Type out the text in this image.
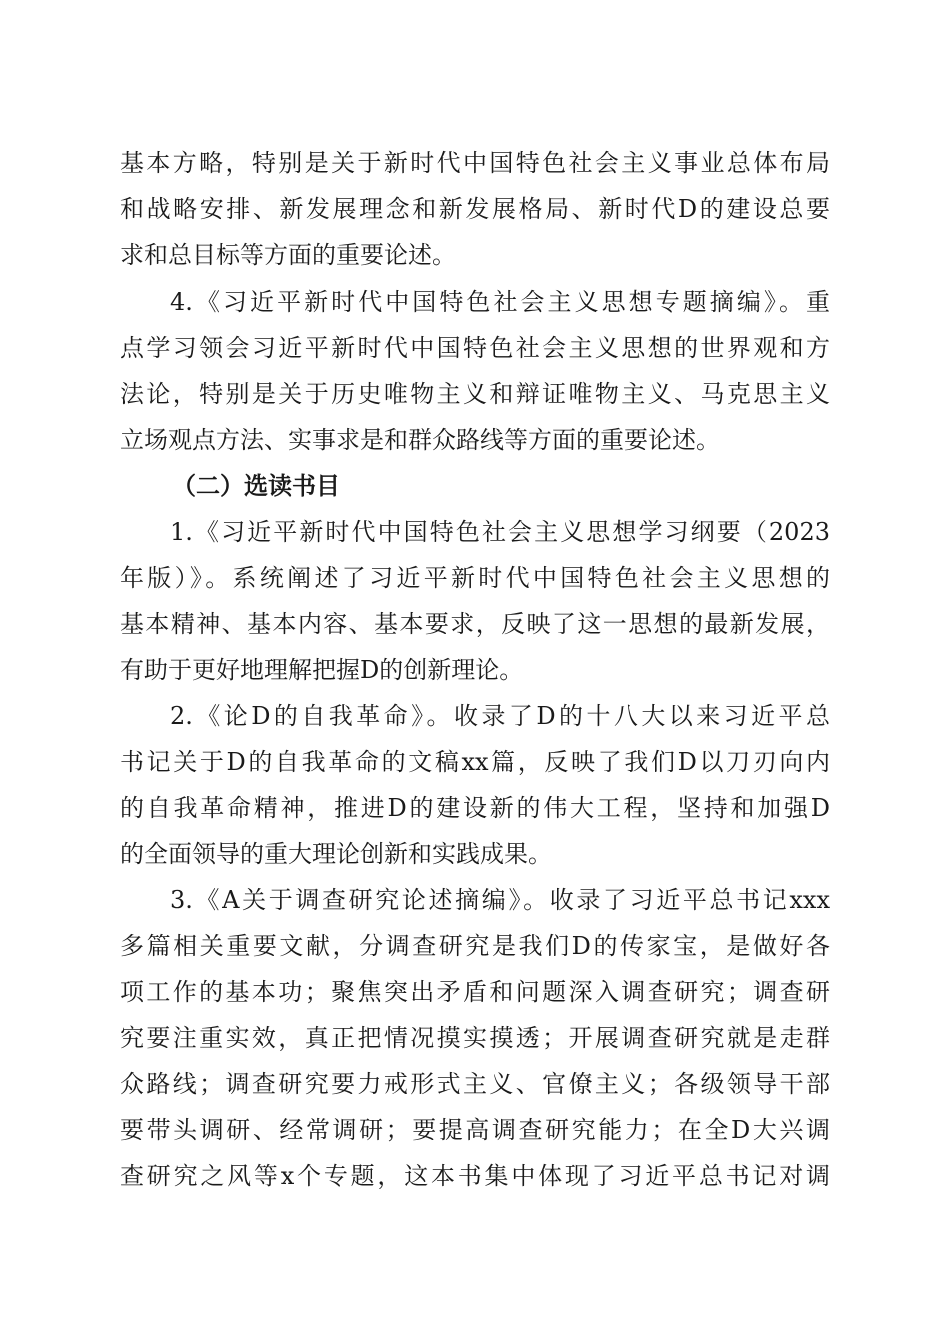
基本方略，特别是关于新时代中国特色社会主义事业总体布局
和战略安排、新发展理念和新发展格局、新时代D的建设总要
求和总目标等方面的重要论述。
4.《习近平新时代中国特色社会主义思想专题摘编》。重
点学习领会习近平新时代中国特色社会主义思想的世界观和方
法论，特别是关于历史唯物主义和辩证唯物主义、马克思主义
立场观点方法、实事求是和群众路线等方面的重要论述。
（二）选读书目
1.《习近平新时代中国特色社会主义思想学习纲要（2023
年版）》。系统阐述了习近平新时代中国特色社会主义思想的
基本精神、基本内容、基本要求，反映了这一思想的最新发展，
有助于更好地理解把握D的创新理论。
2.《论D的自我革命》。收录了D的十八大以来习近平总
书记关于D的自我革命的文稿xx篇，反映了我们D以刀刃向内
的自我革命精神，推进D的建设新的伟大工程，坚持和加强D
的全面领导的重大理论创新和实践成果。
3.《A关于调查研究论述摘编》。收录了习近平总书记xxx
多篇相关重要文献，分调查研究是我们D的传家宝，是做好各
项工作的基本功；聚焦突出矛盾和问题深入调查研究；调查研
究要注重实效，真正把情况摸实摸透；开展调查研究就是走群
众路线；调查研究要力戒形式主义、官僚主义；各级领导干部
要带头调研、经常调研；要提高调查研究能力；在全D大兴调
查研究之风等x个专题，这本书集中体现了习近平总书记对调
